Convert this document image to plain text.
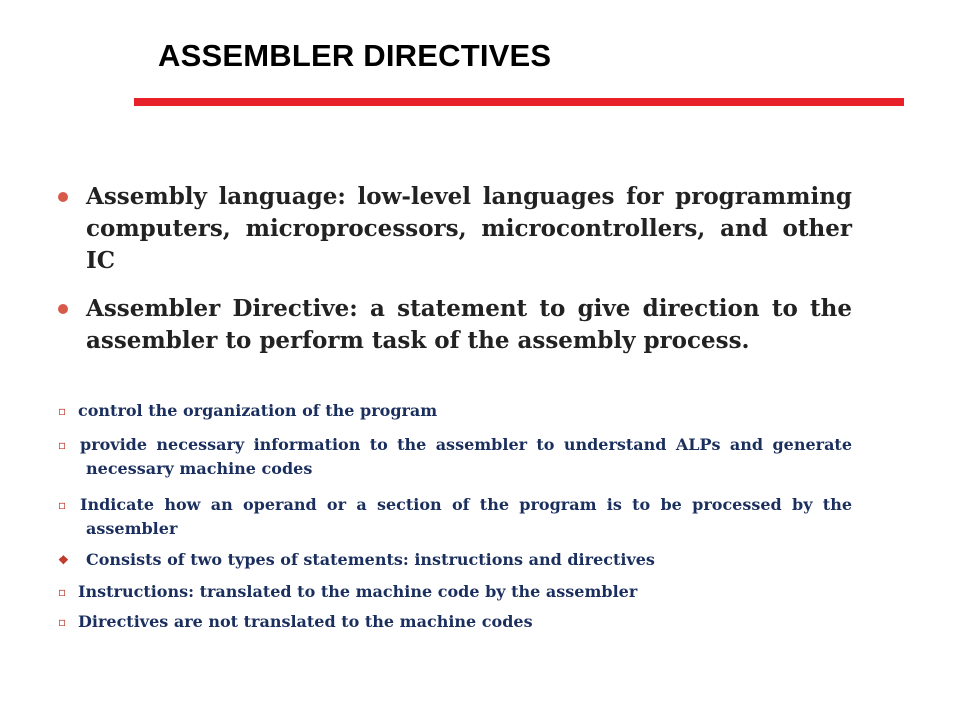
ASSEMBLER DIRECTIVES
Assembly language: low-level languages for programming computers, microprocessors, microcontrollers, and other IC
Assembler Directive: a statement to give direction to the assembler to perform task of the assembly process.
▫ control the organization of the program
▫ provide necessary information to the assembler to understand ALPs and generate necessary machine codes
▫ Indicate how an operand or a section of the program is to be processed by the assembler
❖	Consists of two types of statements: instructions and directives
▫ Instructions: translated to the machine code by the assembler
▫ Directives are not translated to the machine codes
